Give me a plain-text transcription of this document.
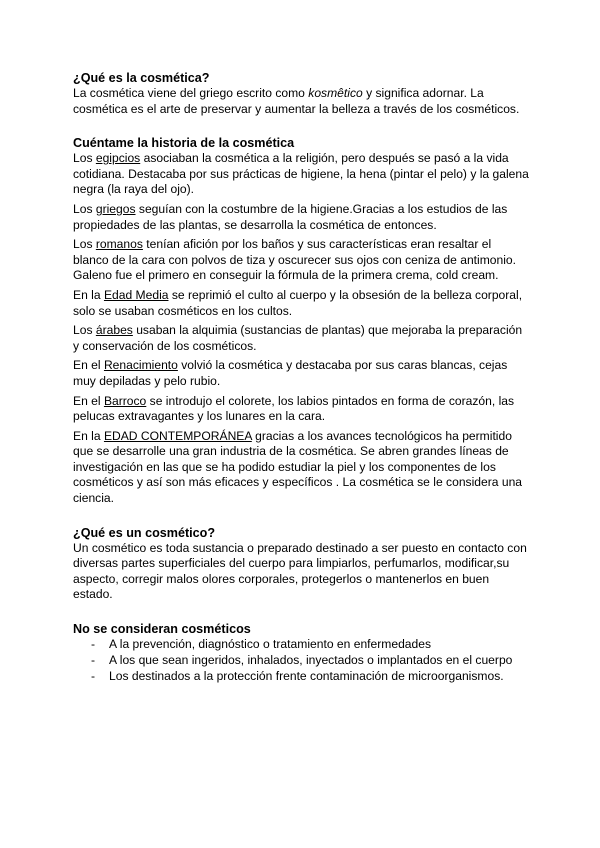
¿Qué es la cosmética?

La cosmética viene del griego escrito como kosmêtico y significa adornar. La cosmética es el arte de preservar y aumentar la belleza a través de los cosméticos.

Cuéntame la historia de la cosmética

Los egipcios asociaban la cosmética a la religión, pero después se pasó a la vida cotidiana. Destacaba por sus prácticas de higiene, la hena (pintar el pelo) y la galena negra (la raya del ojo).

Los griegos seguían con la costumbre de la higiene.Gracias a los estudios de las propiedades de las plantas, se desarrolla la cosmética de entonces.

Los romanos tenían afición por los baños y sus características eran resaltar el blanco de la cara con polvos de tiza y oscurecer sus ojos con ceniza de antimonio. Galeno fue el primero en conseguir la fórmula de la primera crema, cold cream.

En la Edad Media se reprimió el culto al cuerpo y la obsesión de la belleza corporal, solo se usaban cosméticos en los cultos.

Los árabes usaban la alquimia (sustancias de plantas) que mejoraba la preparación y conservación de los cosméticos.

En el Renacimiento volvió la cosmética y destacaba por sus caras blancas, cejas muy depiladas y pelo rubio.

En el Barroco se introdujo el colorete, los labios pintados en forma de corazón, las pelucas extravagantes y los lunares en la cara.

En la EDAD CONTEMPORÁNEA gracias a los avances tecnológicos ha permitido que se desarrolle una gran industria de la cosmética. Se abren grandes líneas de investigación en las que se ha podido estudiar la piel y los componentes de los cosméticos y así son más eficaces y específicos . La cosmética se le considera una ciencia.

¿Qué es un cosmético?

Un cosmético es toda sustancia o preparado destinado a ser puesto en contacto con diversas partes superficiales del cuerpo para limpiarlos, perfumarlos, modificar,su aspecto, corregir malos olores corporales, protegerlos o mantenerlos en buen estado.

No se consideran cosméticos
- A la prevención, diagnóstico o tratamiento en enfermedades
- A los que sean ingeridos, inhalados, inyectados o implantados en el cuerpo
- Los destinados a la protección frente contaminación de microorganismos.
